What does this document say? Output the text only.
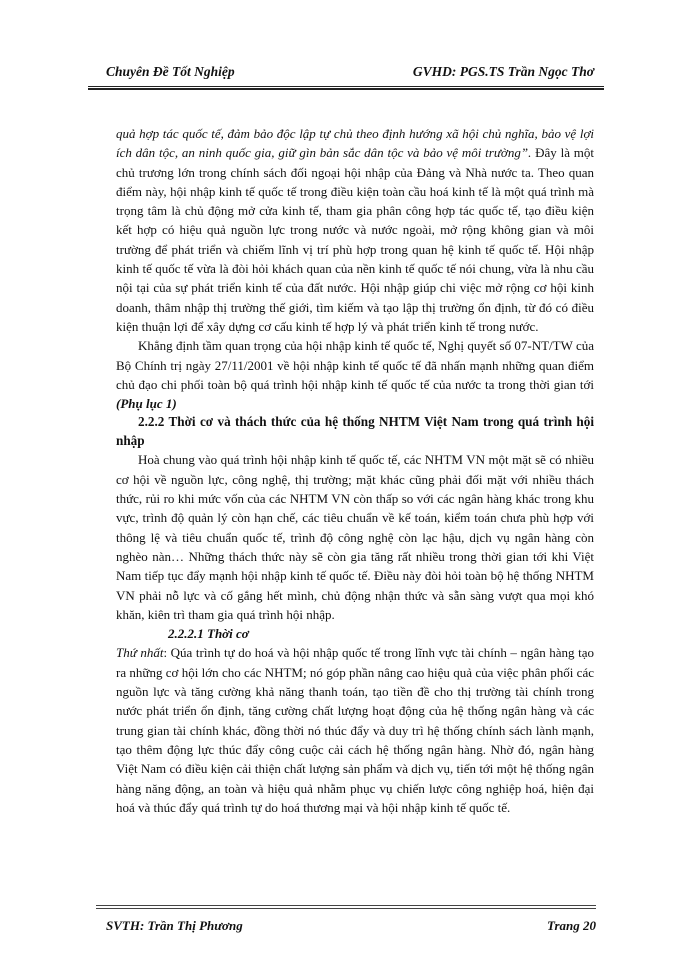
Chuyên Đề Tốt Nghiệp	GVHD: PGS.TS Trần Ngọc Thơ

quả hợp tác quốc tế, đảm bảo độc lập tự chủ theo định hướng xã hội chủ nghĩa, bảo vệ lợi ích dân tộc, an ninh quốc gia, giữ gìn bản sắc dân tộc và bảo vệ môi trường”. Đây là một chủ trương lớn trong chính sách đối ngoại hội nhập của Đảng và Nhà nước ta. Theo quan điểm này, hội nhập kinh tế quốc tế trong điều kiện toàn cầu hoá kinh tế là một quá trình mà trọng tâm là chủ động mở cửa kinh tế, tham gia phân công hợp tác quốc tế, tạo điều kiện kết hợp có hiệu quả nguồn lực trong nước và nước ngoài, mở rộng không gian và môi trường để phát triển và chiếm lĩnh vị trí phù hợp trong quan hệ kinh tế quốc tế. Hội nhập kinh tế quốc tế vừa là đòi hỏi khách quan của nền kinh tế quốc tế nói chung, vừa là nhu cầu nội tại của sự phát triển kinh tế của đất nước. Hội nhập giúp chi việc mở rộng cơ hội kinh doanh, thâm nhập thị trường thế giới, tìm kiếm và tạo lập thị trường ổn định, từ đó có điều kiện thuận lợi để xây dựng cơ cấu kinh tế hợp lý và phát triển kinh tế trong nước.

Khẳng định tầm quan trọng của hội nhập kinh tế quốc tế, Nghị quyết số 07-NT/TW của Bộ Chính trị ngày 27/11/2001 về hội nhập kinh tế quốc tế đã nhấn mạnh những quan điểm chủ đạo chi phối toàn bộ quá trình hội nhập kinh tế quốc tế của nước ta trong thời gian tới (Phụ lục 1)

2.2.2 Thời cơ và thách thức của hệ thống NHTM Việt Nam trong quá trình hội nhập

Hoà chung vào quá trình hội nhập kinh tế quốc tế, các NHTM VN một mặt sẽ có nhiều cơ hội về nguồn lực, công nghệ, thị trường; mặt khác cũng phải đối mặt với nhiều thách thức, rủi ro khi mức vốn của các NHTM VN còn thấp so với các ngân hàng khác trong khu vực, trình độ quản lý còn hạn chế, các tiêu chuẩn về kế toán, kiểm toán chưa phù hợp với thông lệ và tiêu chuẩn quốc tế, trình độ công nghệ còn lạc hậu, dịch vụ ngân hàng còn nghèo nàn… Những thách thức này sẽ còn gia tăng rất nhiều trong thời gian tới khi Việt Nam tiếp tục đẩy mạnh hội nhập kinh tế quốc tế. Điều này đòi hỏi toàn bộ hệ thống NHTM VN phải nỗ lực và cố gắng hết mình, chủ động nhận thức và sẵn sàng vượt qua mọi khó khăn, kiên trì tham gia quá trình hội nhập.

2.2.2.1 Thời cơ

Thứ nhất: Qúa trình tự do hoá và hội nhập quốc tế trong lĩnh vực tài chính – ngân hàng tạo ra những cơ hội lớn cho các NHTM; nó góp phần nâng cao hiệu quả của việc phân phối các nguồn lực và tăng cường khả năng thanh toán, tạo tiền đề cho thị trường tài chính trong nước phát triển ổn định, tăng cường chất lượng hoạt động của hệ thống ngân hàng và các trung gian tài chính khác, đồng thời nó thúc đẩy và duy trì hệ thống chính sách lành mạnh, tạo thêm động lực thúc đẩy công cuộc cải cách hệ thống ngân hàng. Nhờ đó, ngân hàng Việt Nam có điều kiện cải thiện chất lượng sản phẩm và dịch vụ, tiến tới một hệ thống ngân hàng năng động, an toàn và hiệu quả nhằm phục vụ chiến lược công nghiệp hoá, hiện đại hoá và thúc đẩy quá trình tự do hoá thương mại và hội nhập kinh tế quốc tế.

SVTH: Trần Thị Phương	Trang 20
